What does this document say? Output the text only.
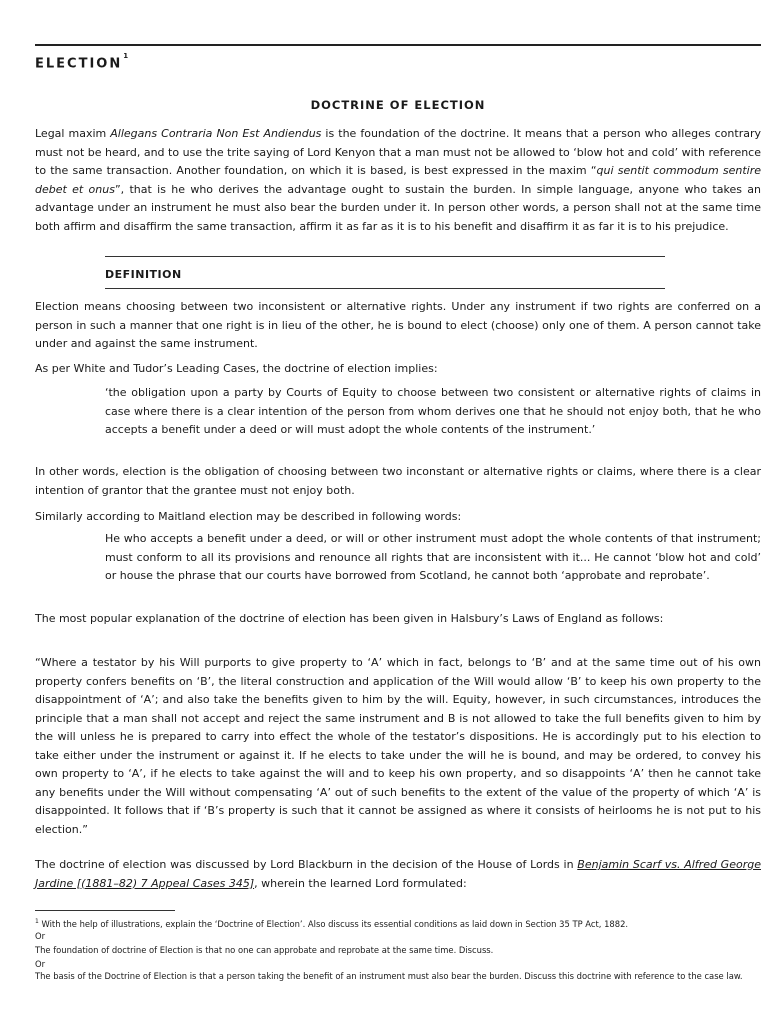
ELECTION$^1$
DOCTRINE OF ELECTION

Legal maxim Allegans Contraria Non Est Andiendus is the foundation of the doctrine. It means that a person who alleges contrary must not be heard, and to use the trite saying of Lord Kenyon that a man must not be allowed to ‘blow hot and cold’ with reference to the same transaction. Another foundation, on which it is based, is best expressed in the maxim “qui sentit commodum sentire debet et onus”, that is he who derives the advantage ought to sustain the burden. In simple language, anyone who takes an advantage under an instrument he must also bear the burden under it. In person other words, a person shall not at the same time both affirm and disaffirm the same transaction, affirm it as far as it is to his benefit and disaffirm it as far it is to his prejudice.

DEFINITION

Election means choosing between two inconsistent or alternative rights. Under any instrument if two rights are conferred on a person in such a manner that one right is in lieu of the other, he is bound to elect (choose) only one of them. A person cannot take under and against the same instrument.

As per White and Tudor’s Leading Cases, the doctrine of election implies:

‘the obligation upon a party by Courts of Equity to choose between two consistent or alternative rights of claims in case where there is a clear intention of the person from whom derives one that he should not enjoy both, that he who accepts a benefit under a deed or will must adopt the whole contents of the instrument.’

In other words, election is the obligation of choosing between two inconstant or alternative rights or claims, where there is a clear intention of grantor that the grantee must not enjoy both.

Similarly according to Maitland election may be described in following words:

He who accepts a benefit under a deed, or will or other instrument must adopt the whole contents of that instrument; must conform to all its provisions and renounce all rights that are inconsistent with it... He cannot ‘blow hot and cold’ or house the phrase that our courts have borrowed from Scotland, he cannot both ‘approbate and reprobate’.

The most popular explanation of the doctrine of election has been given in Halsbury’s Laws of England as follows:

“Where a testator by his Will purports to give property to ‘A’ which in fact, belongs to ‘B’ and at the same time out of his own property confers benefits on ‘B’, the literal construction and application of the Will would allow ‘B’ to keep his own property to the disappointment of ‘A’; and also take the benefits given to him by the will. Equity, however, in such circumstances, introduces the principle that a man shall not accept and reject the same instrument and B is not allowed to take the full benefits given to him by the will unless he is prepared to carry into effect the whole of the testator’s dispositions. He is accordingly put to his election to take either under the instrument or against it. If he elects to take under the will he is bound, and may be ordered, to convey his own property to ‘A’, if he elects to take against the will and to keep his own property, and so disappoints ‘A’ then he cannot take any benefits under the Will without compensating ‘A’ out of such benefits to the extent of the value of the property of which ‘A’ is disappointed. It follows that if ‘B’s property is such that it cannot be assigned as where it consists of heirlooms he is not put to his election.”

The doctrine of election was discussed by Lord Blackburn in the decision of the House of Lords in Benjamin Scarf vs. Alfred George Jardine [(1881–82) 7 Appeal Cases 345], wherein the learned Lord formulated:

$^1$ With the help of illustrations, explain the ‘Doctrine of Election’. Also discuss its essential conditions as laid down in Section 35 TP Act, 1882.

Or

The foundation of doctrine of Election is that no one can approbate and reprobate at the same time. Discuss.

Or

The basis of the Doctrine of Election is that a person taking the benefit of an instrument must also bear the burden. Discuss this doctrine with reference to the case law.
